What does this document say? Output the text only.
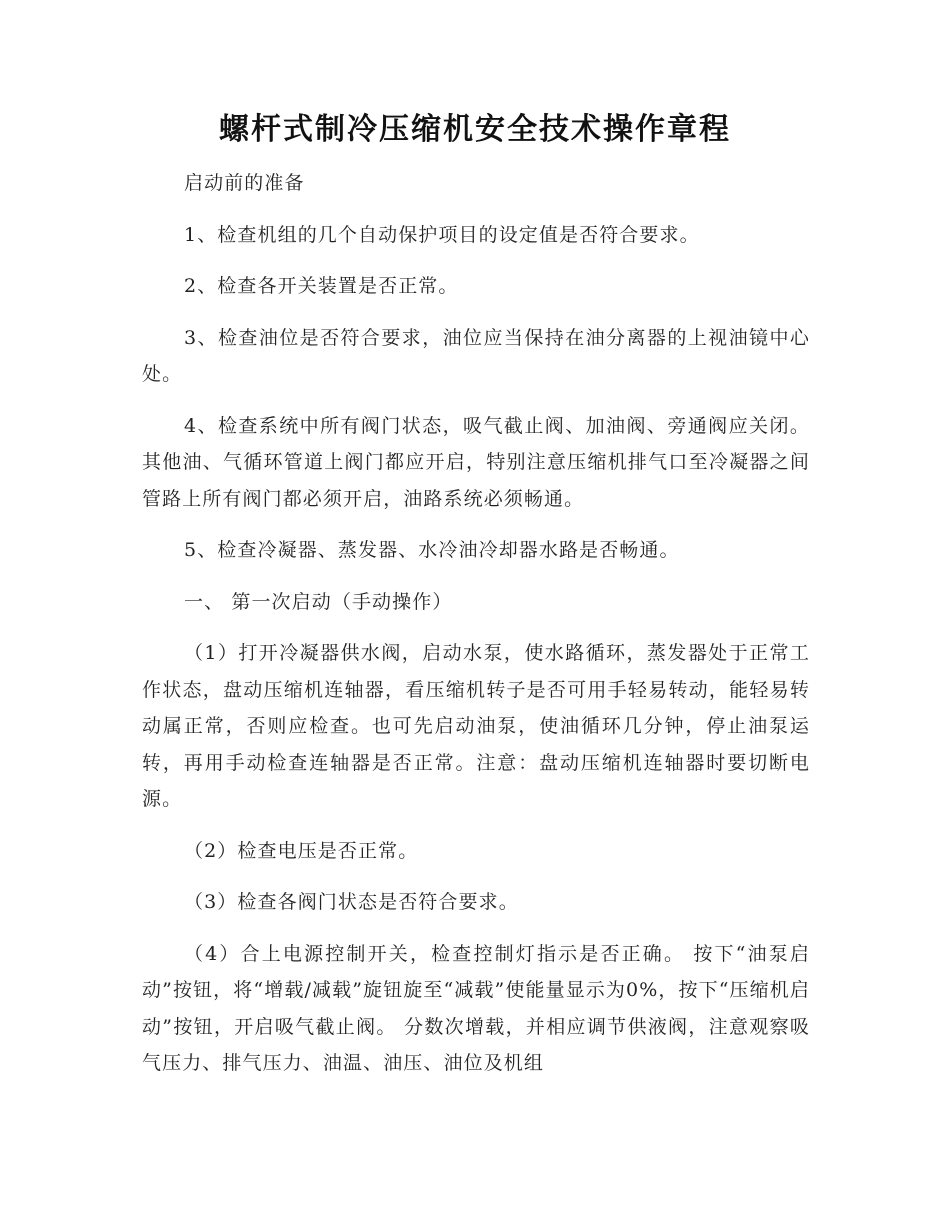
螺杆式制冷压缩机安全技术操作章程

启动前的准备

1、检查机组的几个自动保护项目的设定值是否符合要求。

2、检查各开关装置是否正常。

3、检查油位是否符合要求，油位应当保持在油分离器的上视油镜中心处。

4、检查系统中所有阀门状态，吸气截止阀、加油阀、旁通阀应关闭。其他油、气循环管道上阀门都应开启，特别注意压缩机排气口至冷凝器之间管路上所有阀门都必须开启，油路系统必须畅通。

5、检查冷凝器、蒸发器、水冷油冷却器水路是否畅通。

一、 第一次启动（手动操作）

（1）打开冷凝器供水阀，启动水泵，使水路循环，蒸发器处于正常工作状态，盘动压缩机连轴器，看压缩机转子是否可用手轻易转动，能轻易转动属正常，否则应检查。也可先启动油泵，使油循环几分钟，停止油泵运转，再用手动检查连轴器是否正常。注意：盘动压缩机连轴器时要切断电源。

（2）检查电压是否正常。

（3）检查各阀门状态是否符合要求。

（4）合上电源控制开关，检查控制灯指示是否正确。 按下“油泵启动”按钮，将“增载/减载”旋钮旋至“减载”使能量显示为0%，按下“压缩机启动”按钮，开启吸气截止阀。 分数次增载，并相应调节供液阀，注意观察吸气压力、排气压力、油温、油压、油位及机组
